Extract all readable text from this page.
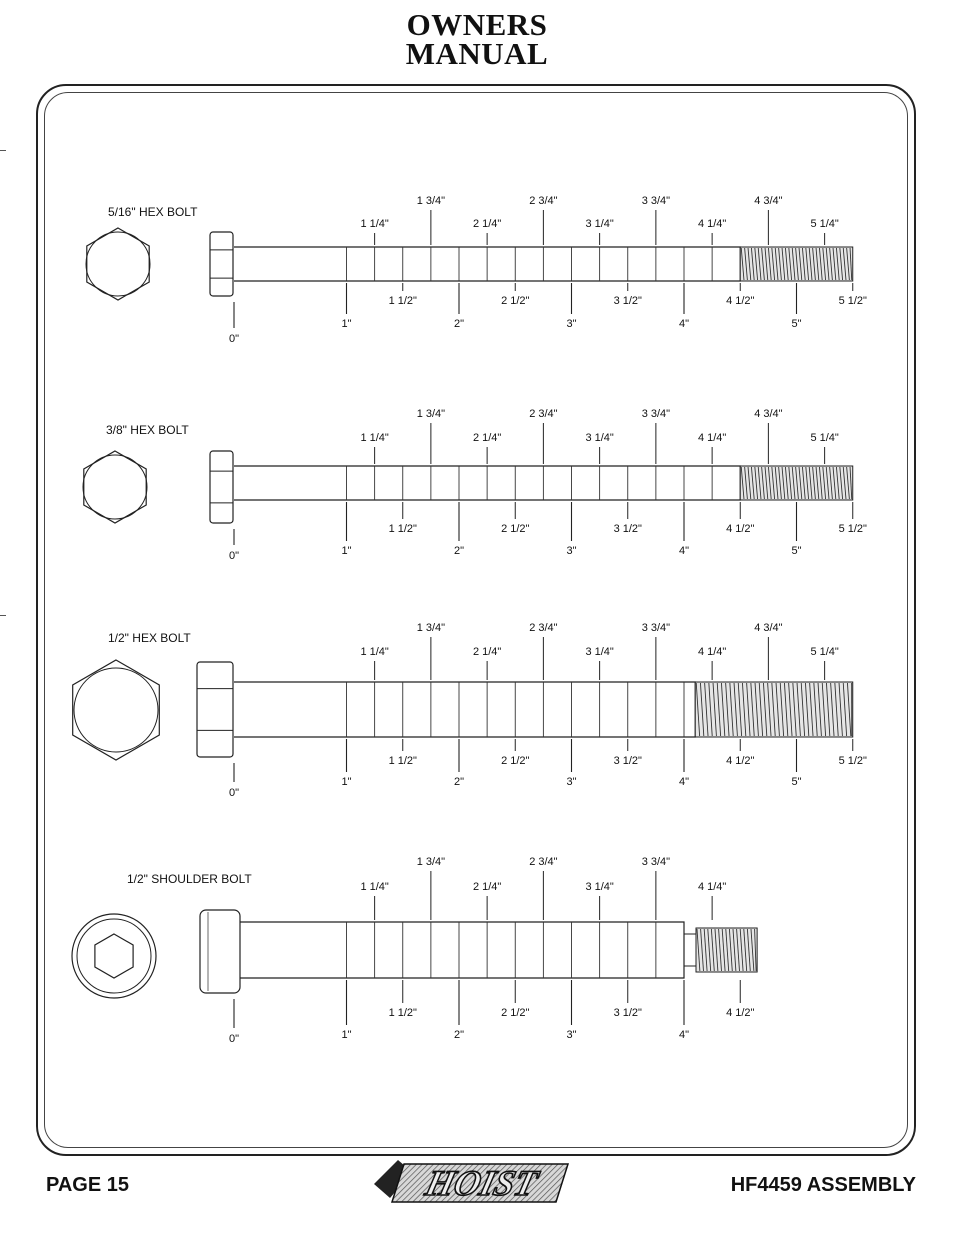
OWNERS
MANUAL
5/16" HEX BOLT
1 1/4"	2 1/4"	3 1/4"	4 1/4"	5 1/4"
1 3/4"	2 3/4"	3 3/4"	4 3/4"
1 1/2"	2 1/2"	3 1/2"	4 1/2"	5 1/2"
0"
1"	2"	3"	4"	5"
3/8" HEX BOLT
1 1/4"	2 1/4"	3 1/4"	4 1/4"	5 1/4"
1 3/4"	2 3/4"	3 3/4"	4 3/4"
1 1/2"	2 1/2"	3 1/2"	4 1/2"	5 1/2"
0"	1"	2"	3"	4"	5"
1/2" HEX BOLT
1 1/4"	2 1/4"	3 1/4"	4 1/4"	5 1/4"
1 3/4"	2 3/4"	3 3/4"	4 3/4"
1 1/2"	2 1/2"	3 1/2"	4 1/2"	5 1/2"
0"
1"	2"	3"	4"	5"
1/2" SHOULDER BOLT
1 1/4"	2 1/4"	3 1/4"	4 1/4"
1 3/4"	2 3/4"	3 3/4"
1 1/2"	2 1/2"	3 1/2"	4 1/2"
0"	1"	2"	3"	4"
PAGE 15	HOIST	HF4459 ASSEMBLY
